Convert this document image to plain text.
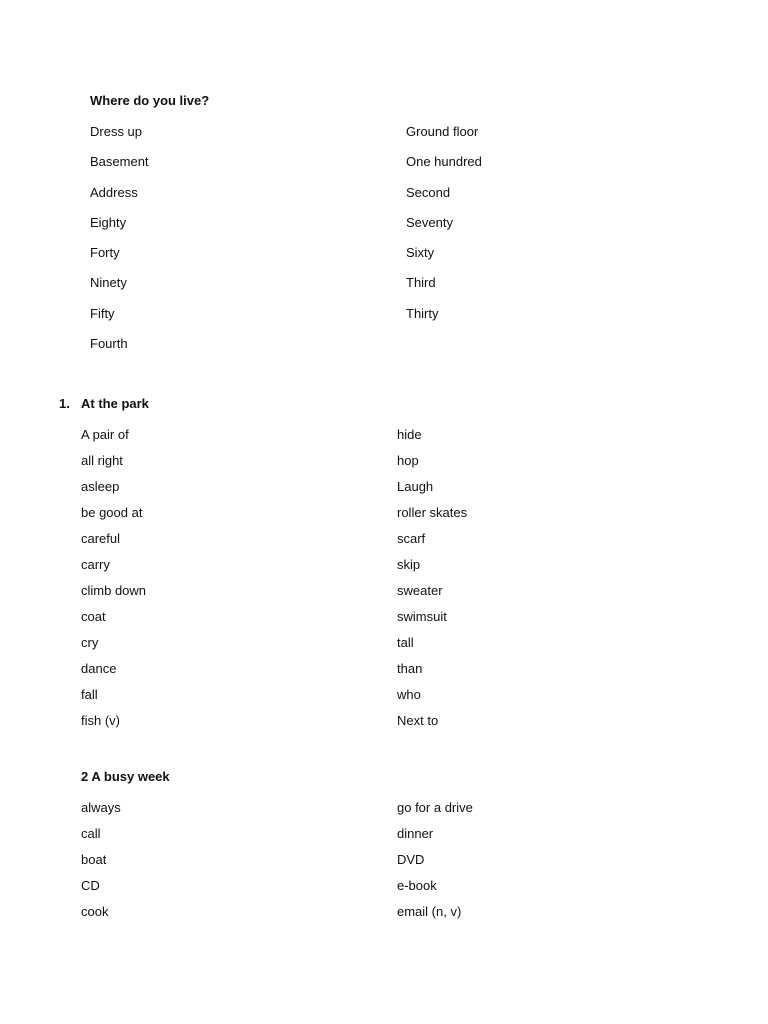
Where do you live?
Dress up
Basement
Address
Eighty
Forty
Ninety
Fifty
Fourth
Ground floor
One hundred
Second
Seventy
Sixty
Third
Thirty
1. At the park
A pair of
all right
asleep
be good at
careful
carry
climb down
coat
cry
dance
fall
fish (v)
hide
hop
Laugh
roller skates
scarf
skip
sweater
swimsuit
tall
than
who
Next to
2 A busy week
always
call
boat
CD
cook
go for a drive
dinner
DVD
e-book
email (n, v)
